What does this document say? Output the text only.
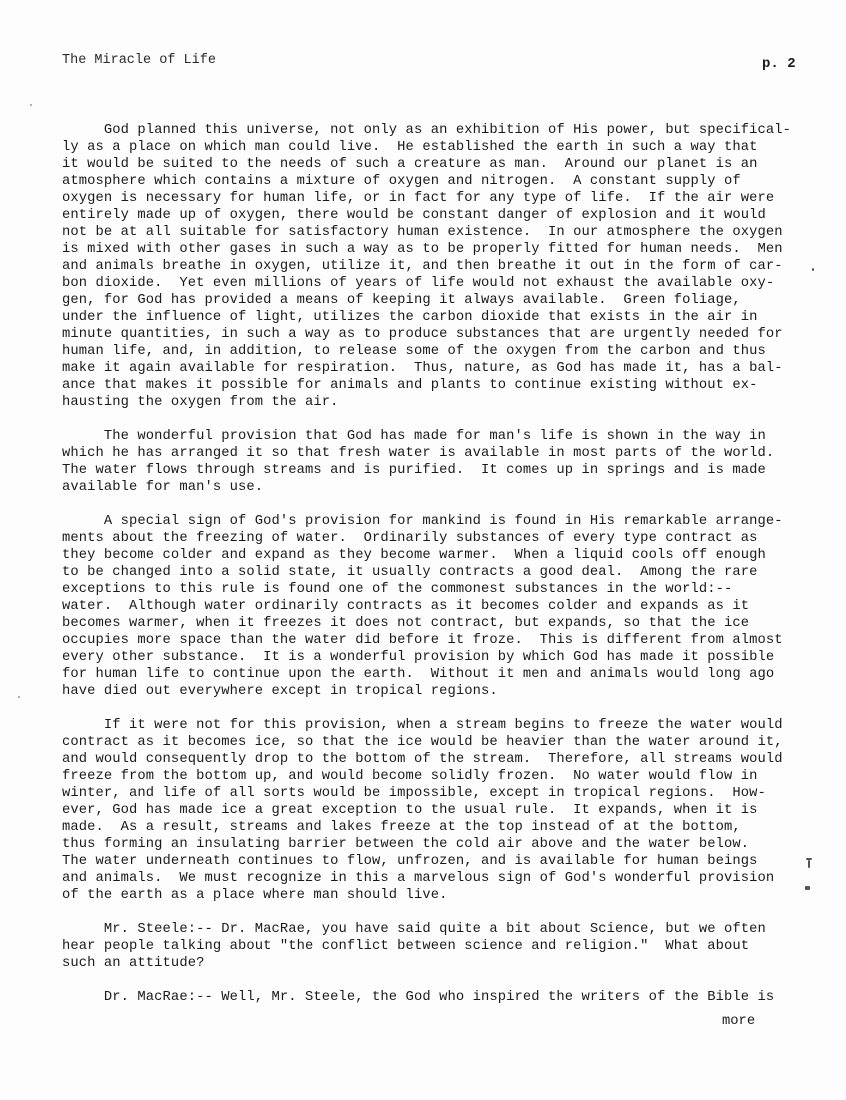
The Miracle of Life	p. 2
God planned this universe, not only as an exhibition of His power, but specifical-
ly as a place on which man could live.  He established the earth in such a way that
it would be suited to the needs of such a creature as man.  Around our planet is an
atmosphere which contains a mixture of oxygen and nitrogen.  A constant supply of
oxygen is necessary for human life, or in fact for any type of life.  If the air were
entirely made up of oxygen, there would be constant danger of explosion and it would
not be at all suitable for satisfactory human existence.  In our atmosphere the oxygen
is mixed with other gases in such a way as to be properly fitted for human needs.  Men
and animals breathe in oxygen, utilize it, and then breathe it out in the form of car-
bon dioxide.  Yet even millions of years of life would not exhaust the available oxy-
gen, for God has provided a means of keeping it always available.  Green foliage,
under the influence of light, utilizes the carbon dioxide that exists in the air in
minute quantities, in such a way as to produce substances that are urgently needed for
human life, and, in addition, to release some of the oxygen from the carbon and thus
make it again available for respiration.  Thus, nature, as God has made it, has a bal-
ance that makes it possible for animals and plants to continue existing without ex-
hausting the oxygen from the air.
The wonderful provision that God has made for man's life is shown in the way in
which he has arranged it so that fresh water is available in most parts of the world.
The water flows through streams and is purified.  It comes up in springs and is made
available for man's use.
A special sign of God's provision for mankind is found in His remarkable arrange-
ments about the freezing of water.  Ordinarily substances of every type contract as
they become colder and expand as they become warmer.  When a liquid cools off enough
to be changed into a solid state, it usually contracts a good deal.  Among the rare
exceptions to this rule is found one of the commonest substances in the world:--
water.  Although water ordinarily contracts as it becomes colder and expands as it
becomes warmer, when it freezes it does not contract, but expands, so that the ice
occupies more space than the water did before it froze.  This is different from almost
every other substance.  It is a wonderful provision by which God has made it possible
for human life to continue upon the earth.  Without it men and animals would long ago
have died out everywhere except in tropical regions.
If it were not for this provision, when a stream begins to freeze the water would
contract as it becomes ice, so that the ice would be heavier than the water around it,
and would consequently drop to the bottom of the stream.  Therefore, all streams would
freeze from the bottom up, and would become solidly frozen.  No water would flow in
winter, and life of all sorts would be impossible, except in tropical regions.  How-
ever, God has made ice a great exception to the usual rule.  It expands, when it is
made.  As a result, streams and lakes freeze at the top instead of at the bottom,
thus forming an insulating barrier between the cold air above and the water below.
The water underneath continues to flow, unfrozen, and is available for human beings
and animals.  We must recognize in this a marvelous sign of God's wonderful provision
of the earth as a place where man should live.
Mr. Steele:-- Dr. MacRae, you have said quite a bit about Science, but we often
hear people talking about "the conflict between science and religion."  What about
such an attitude?
Dr. MacRae:-- Well, Mr. Steele, the God who inspired the writers of the Bible is
more
